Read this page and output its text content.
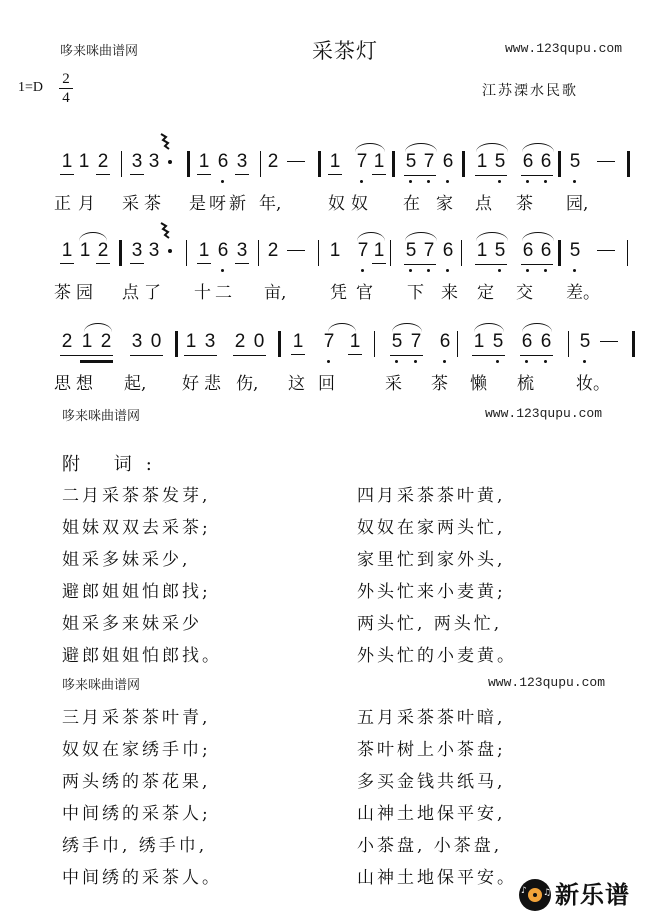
哆来咪曲谱网	采茶灯	www.123qupu.com
1=D
2
4	江苏溧水民歌
1 1 2 3 3 1 6 3 2	1 7 1 5 7 6 1 5 6 6 5
正 月 采 茶 是 呀 新 年,	奴 奴 在 家 点 茶 园,
1 1 2 3 3 1 6 3 2	1 7 1 5 7 6 1 5 6 6 5
茶 园 点 了 十 二 亩,	凭 官 下 来 定 交 差。
2 1 2 3 0 1 3 2 0 1 7 1 5 7 6 1 5 6 6 5
思 想 起,	好 悲 伤,	这 回	采 茶 懒 梳 妆。
哆来咪曲谱网	www.123qupu.com
附 词:
二月采茶茶发芽,
姐妹双双去采茶;
姐采多妹采少,
避郎姐姐怕郎找;
姐采多来妹采少
避郎姐姐怕郎找。
四月采茶茶叶黄,
奴奴在家两头忙,
家里忙到家外头,
外头忙来小麦黄;
两头忙, 两头忙,
外头忙的小麦黄。
哆来咪曲谱网	www.123qupu.com
三月采茶茶叶青,
奴奴在家绣手巾;
两头绣的茶花果,
中间绣的采茶人;
绣手巾, 绣手巾,
中间绣的采茶人。
五月采茶茶叶暗,
茶叶树上小茶盘;
多买金钱共纸马,
山神土地保平安,
小茶盘, 小茶盘,
山神土地保平安。
♪ ♫ 新乐谱
